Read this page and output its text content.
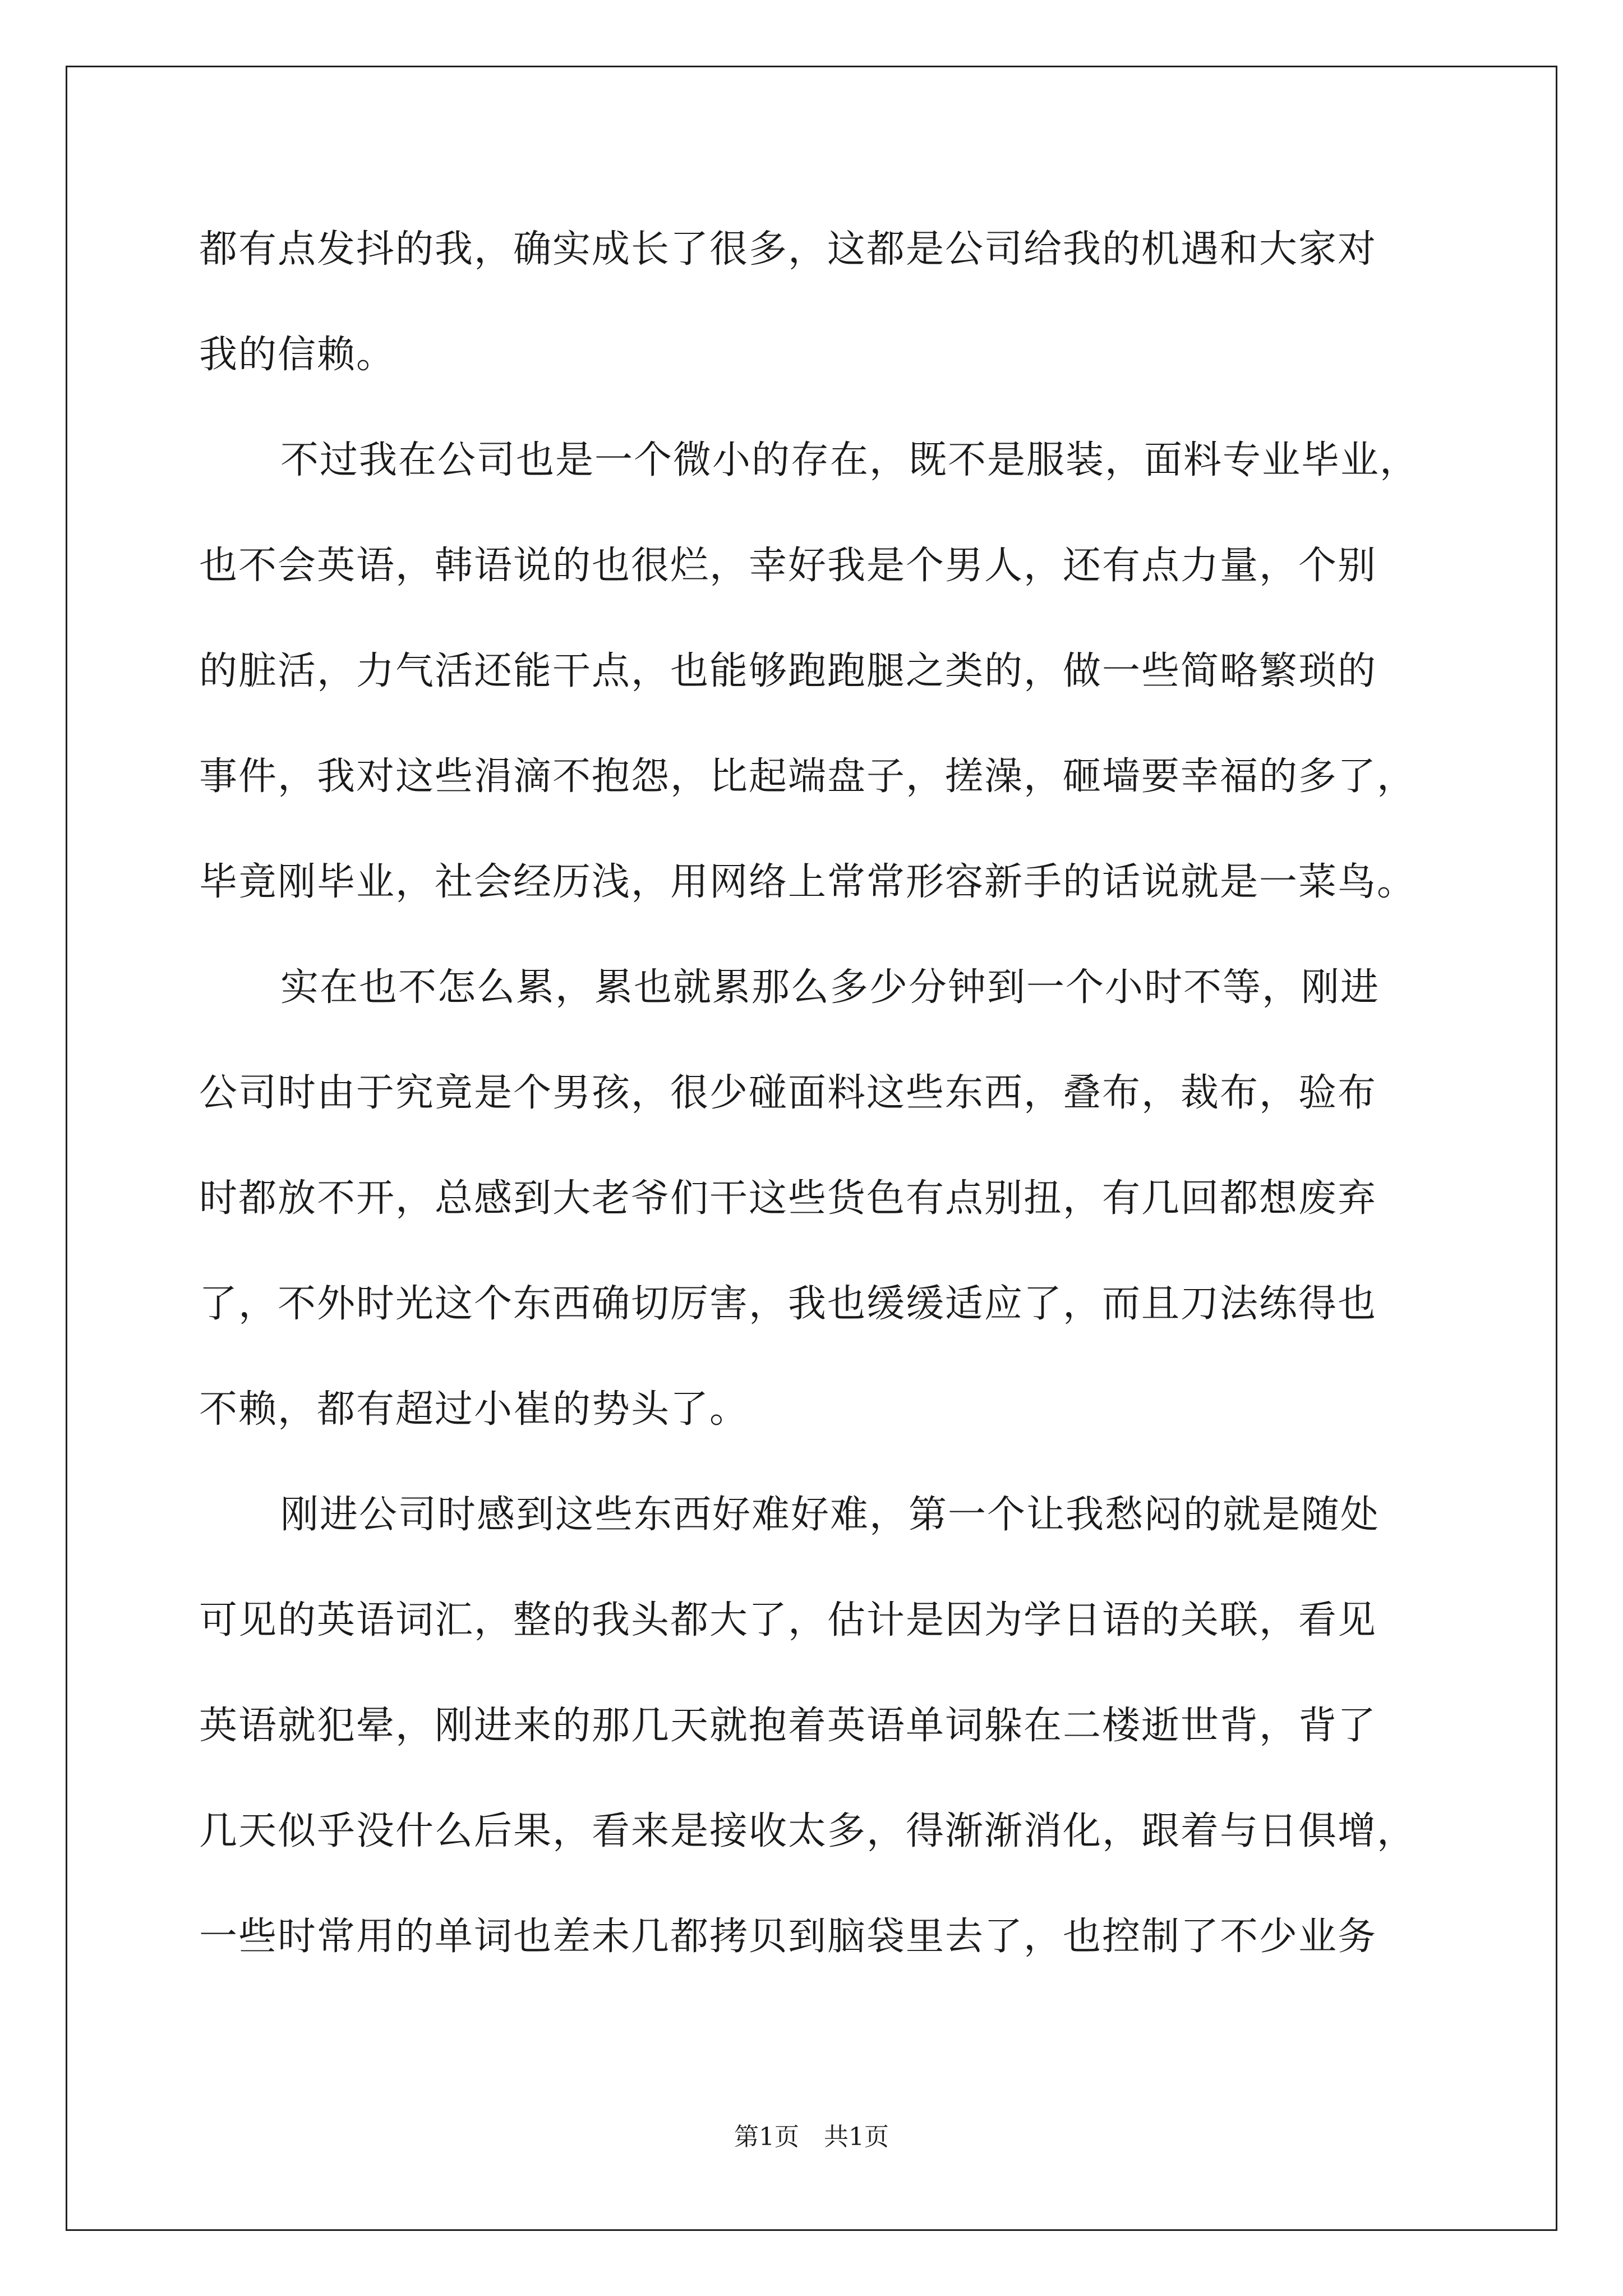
都有点发抖的我，确实成长了很多，这都是公司给我的机遇和大家对

我的信赖。

不过我在公司也是一个微小的存在，既不是服装，面料专业毕业，

也不会英语，韩语说的也很烂，幸好我是个男人，还有点力量，个别

的脏活，力气活还能干点，也能够跑跑腿之类的，做一些简略繁琐的

事件，我对这些涓滴不抱怨，比起端盘子，搓澡，砸墙要幸福的多了，

毕竟刚毕业，社会经历浅，用网络上常常形容新手的话说就是一菜鸟。

实在也不怎么累，累也就累那么多少分钟到一个小时不等，刚进

公司时由于究竟是个男孩，很少碰面料这些东西，叠布，裁布，验布

时都放不开，总感到大老爷们干这些货色有点别扭，有几回都想废弃

了，不外时光这个东西确切厉害，我也缓缓适应了，而且刀法练得也

不赖，都有超过小崔的势头了。

刚进公司时感到这些东西好难好难，第一个让我愁闷的就是随处

可见的英语词汇，整的我头都大了，估计是因为学日语的关联，看见

英语就犯晕，刚进来的那几天就抱着英语单词躲在二楼逝世背，背了

几天似乎没什么后果，看来是接收太多，得渐渐消化，跟着与日俱增，

一些时常用的单词也差未几都拷贝到脑袋里去了，也控制了不少业务

第1页　共1页
